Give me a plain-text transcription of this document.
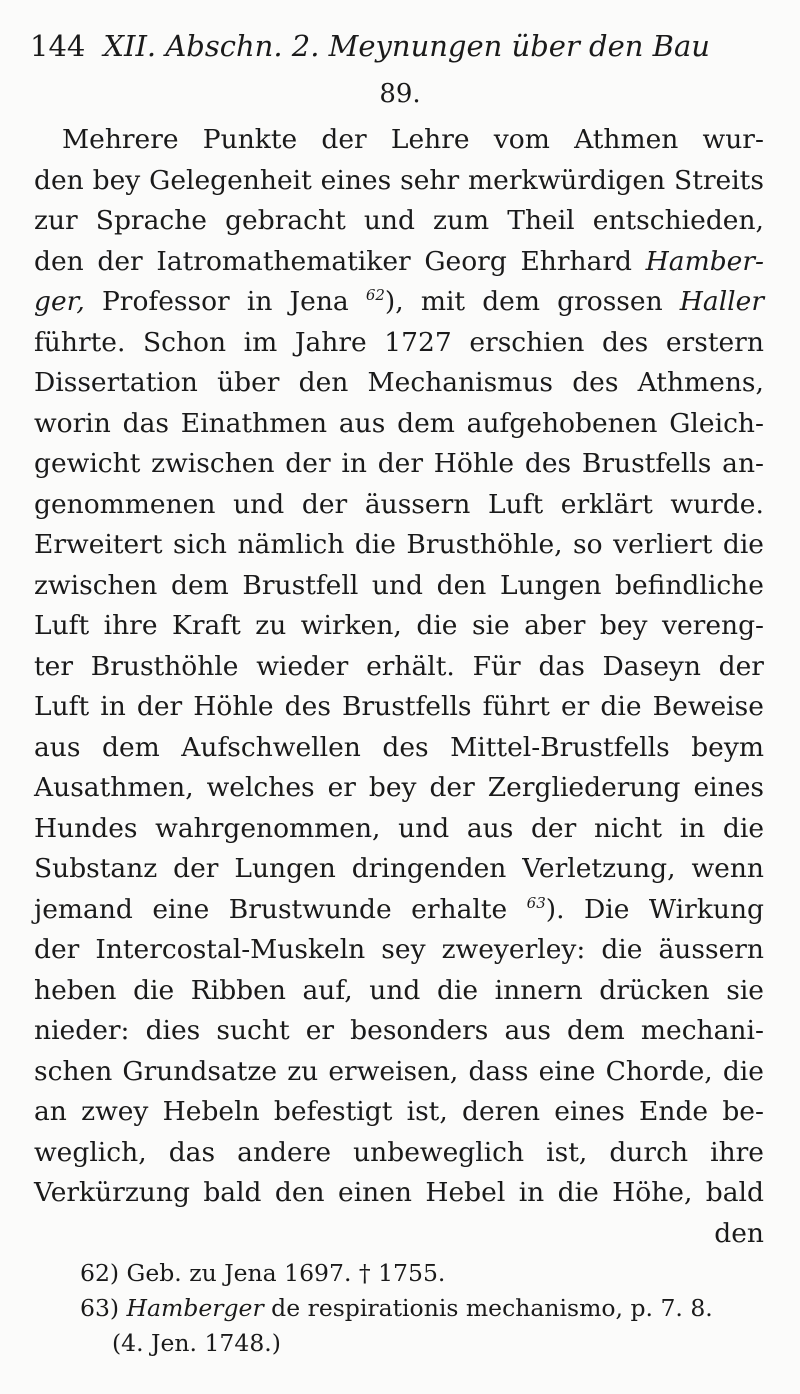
144 XII. Abschn. 2. Meynungen über den Bau
89.
Mehrere Punkte der Lehre vom Athmen wur-
den bey Gelegenheit eines sehr merkwürdigen Streits
zur Sprache gebracht und zum Theil entschieden,
den der Iatromathematiker Georg Ehrhard Hamber-
ger, Professor in Jena $^{62}$), mit dem grossen Haller
führte. Schon im Jahre 1727 erschien des erstern
Dissertation über den Mechanismus des Athmens,
worin das Einathmen aus dem aufgehobenen Gleich-
gewicht zwischen der in der Höhle des Brustfells an-
genommenen und der äussern Luft erklärt wurde.
Erweitert sich nämlich die Brusthöhle, so verliert die
zwischen dem Brustfell und den Lungen befindliche
Luft ihre Kraft zu wirken, die sie aber bey vereng-
ter Brusthöhle wieder erhält. Für das Daseyn der
Luft in der Höhle des Brustfells führt er die Beweise
aus dem Aufschwellen des Mittel-Brustfells beym
Ausathmen, welches er bey der Zergliederung eines
Hundes wahrgenommen, und aus der nicht in die
Substanz der Lungen dringenden Verletzung, wenn
jemand eine Brustwunde erhalte $^{63}$). Die Wirkung
der Intercostal-Muskeln sey zweyerley: die äussern
heben die Ribben auf, und die innern drücken sie
nieder: dies sucht er besonders aus dem mechani-
schen Grundsatze zu erweisen, dass eine Chorde, die
an zwey Hebeln befestigt ist, deren eines Ende be-
weglich, das andere unbeweglich ist, durch ihre
Verkürzung bald den einen Hebel in die Höhe, bald
den
62) Geb. zu Jena 1697. † 1755.
63) Hamberger de respirationis mechanismo, p. 7. 8.
(4. Jen. 1748.)
